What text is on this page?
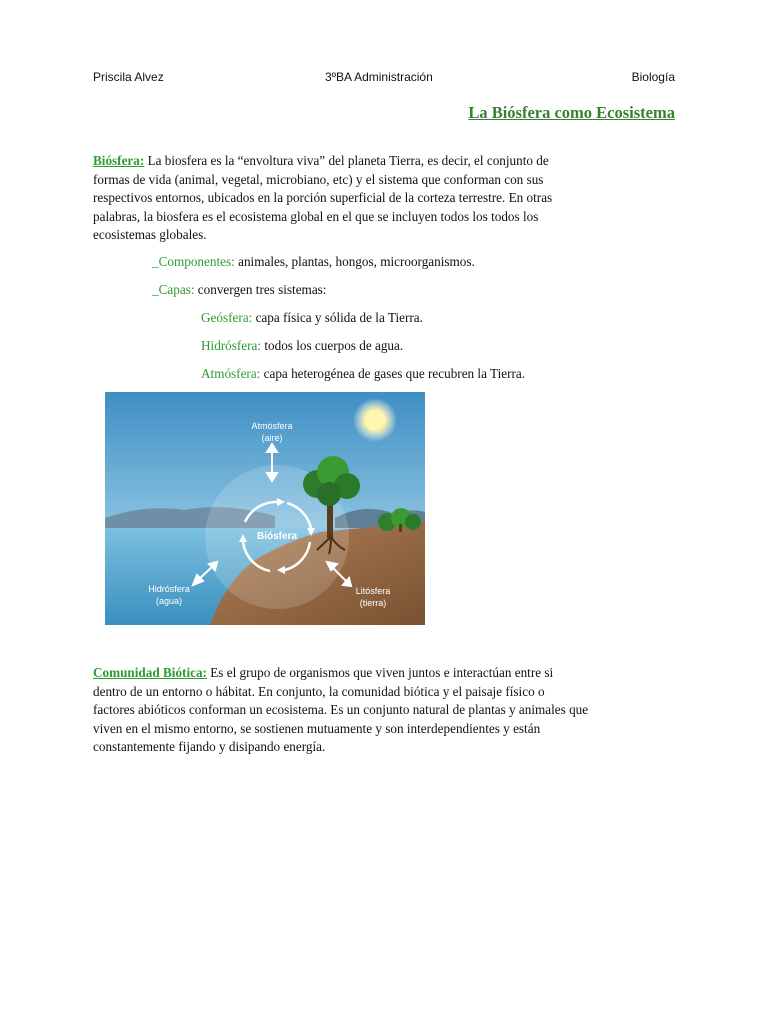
Priscila Alvez	3ºBA Administración	Biología
La Biósfera como Ecosistema
Biósfera: La biosfera es la “envoltura viva” del planeta Tierra, es decir, el conjunto de
formas de vida (animal, vegetal, microbiano, etc) y el sistema que conforman con sus
respectivos entornos, ubicados en la porción superficial de la corteza terrestre. En otras
palabras, la biosfera es el ecosistema global en el que se incluyen todos los todos los
ecosistemas globales.
_Componentes: animales, plantas, hongos, microorganismos.
_Capas: convergen tres sistemas:
Geósfera: capa física y sólida de la Tierra.
Hidrósfera: todos los cuerpos de agua.
Atmósfera: capa heterogénea de gases que recubren la Tierra.
Atmósfera
(aire)
Biósfera
Hidrósfera
(agua)
Litósfera
(tierra)
Comunidad Biótica: Es el grupo de organismos que viven juntos e interactúan entre si
dentro de un entorno o hábitat. En conjunto, la comunidad biótica y el paisaje físico o
factores abióticos conforman un ecosistema. Es un conjunto natural de plantas y animales que
viven en el mismo entorno, se sostienen mutuamente y son interdependientes y están
constantemente fijando y disipando energía.
